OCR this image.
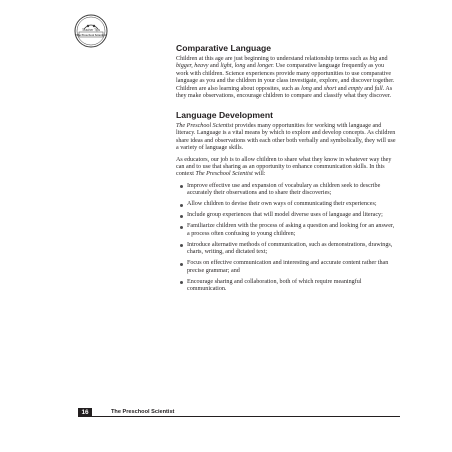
Teacher Tips
The Preschool Scientist
Comparative Language

Children at this age are just beginning to understand relationship terms such as big and bigger, heavy and light, long and longer. Use comparative language frequently as you work with children. Science experiences provide many opportunities to use comparative language as you and the children in your class investigate, explore, and discover together. Children are also learning about opposites, such as long and short and empty and full. As they make observations, encourage children to compare and classify what they discover.

Language Development

The Preschool Scientist provides many opportunities for working with language and literacy. Language is a vital means by which to explore and develop concepts. As children share ideas and observations with each other both verbally and symbolically, they will use a variety of language skills.

As educators, our job is to allow children to share what they know in whatever way they can and to use that sharing as an opportunity to enhance communication skills. In this context The Preschool Scientist will:

Improve effective use and expansion of vocabulary as children seek to describe accurately their observations and to share their discoveries;
Allow children to devise their own ways of communicating their experiences;
Include group experiences that will model diverse uses of language and literacy;
Familiarize children with the process of asking a question and looking for an answer, a process often confusing to young children;
Introduce alternative methods of communication, such as demonstrations, drawings, charts, writing, and dictated text;
Focus on effective communication and interesting and accurate content rather than precise grammar; and
Encourage sharing and collaboration, both of which require meaningful communication.
16	The Preschool Scientist
